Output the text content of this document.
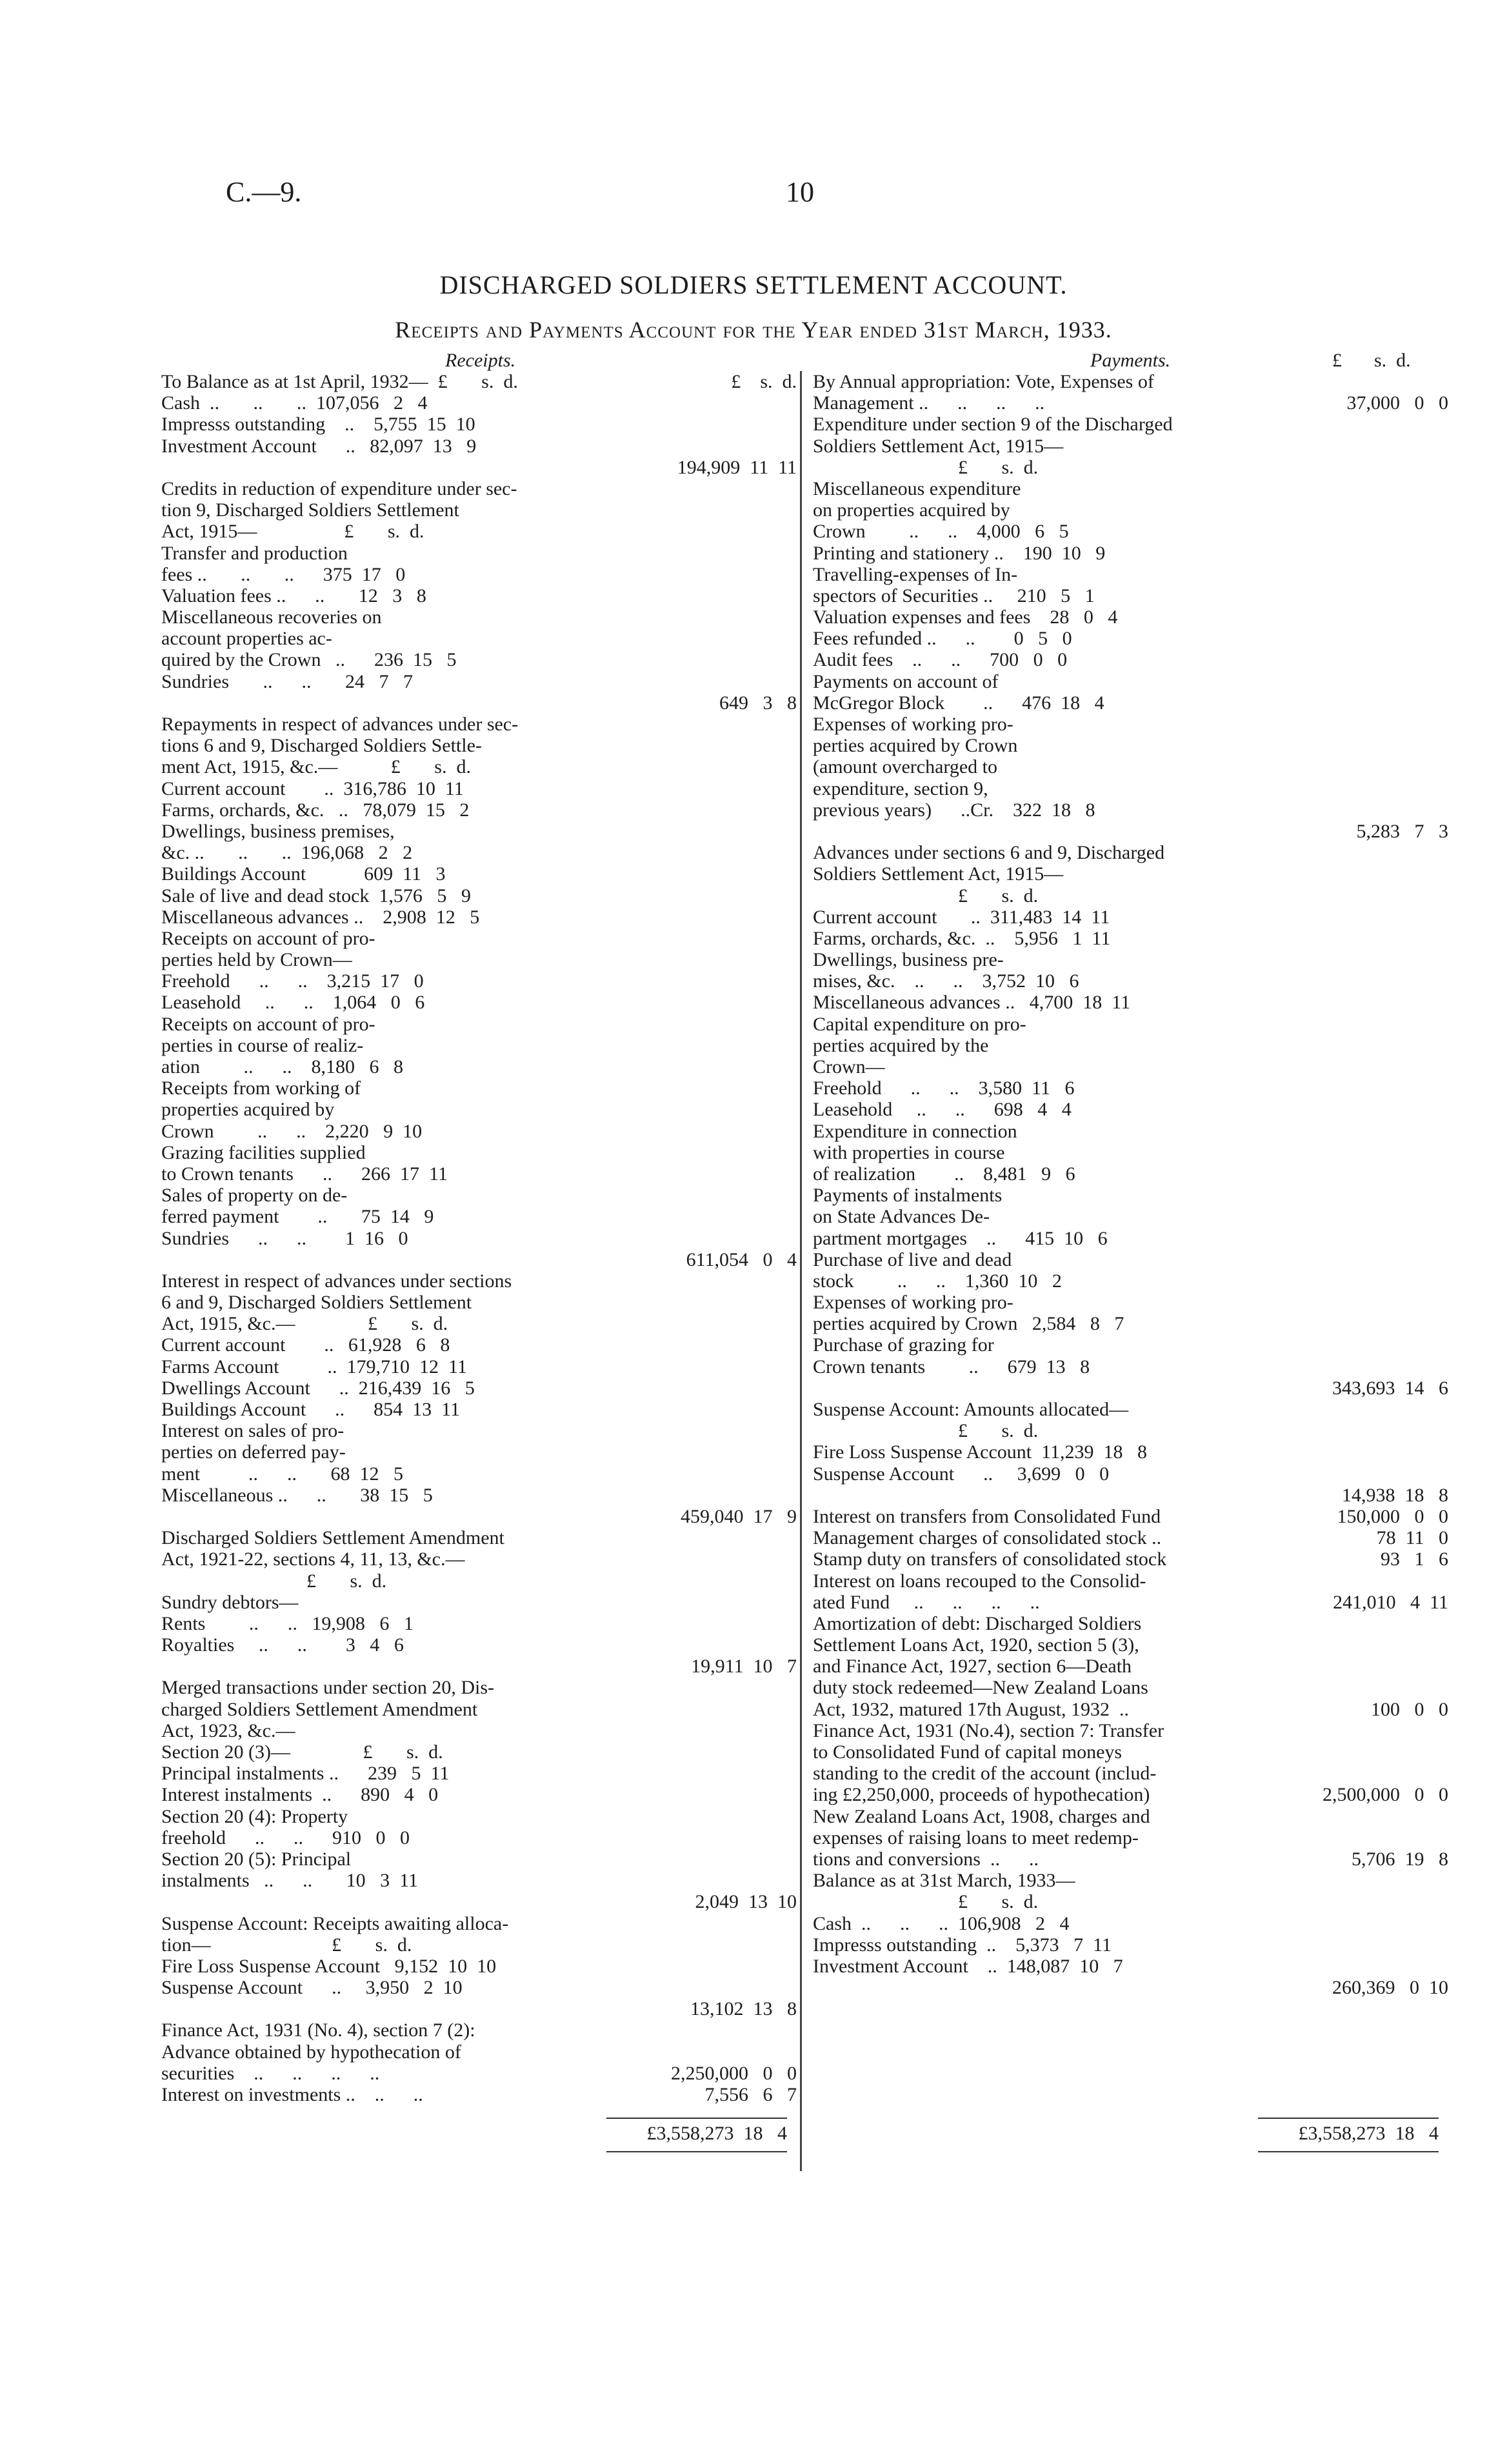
C.—9.	10
DISCHARGED SOLDIERS SETTLEMENT ACCOUNT.
Receipts and Payments Account for the Year ended 31st March, 1933.
Receipts.	Payments.	£ s.  d.
To Balance as at 1st April, 1932—  £       s.  d.	£    s.  d.
Cash  ..       ..       ..  107,056   2   4
Impresss outstanding    ..    5,755  15  10
Investment Account      ..   82,097  13   9
194,909  11  11
Credits in reduction of expenditure under sec-
tion 9, Discharged Soldiers Settlement
Act, 1915—                  £       s.  d.
Transfer and production
fees ..       ..       ..      375  17   0
Valuation fees ..      ..       12   3   8
Miscellaneous recoveries on
account properties ac-
quired by the Crown   ..      236  15   5
Sundries       ..      ..       24   7   7
649   3   8
Repayments in respect of advances under sec-
tions 6 and 9, Discharged Soldiers Settle-
ment Act, 1915, &c.—           £       s.  d.
Current account        ..  316,786  10  11
Farms, orchards, &c.   ..   78,079  15   2
Dwellings, business premises,
&c. ..       ..       ..  196,068   2   2
Buildings Account            609  11   3
Sale of live and dead stock  1,576   5   9
Miscellaneous advances ..    2,908  12   5
Receipts on account of pro-
perties held by Crown—
Freehold      ..      ..    3,215  17   0
Leasehold     ..      ..    1,064   0   6
Receipts on account of pro-
perties in course of realiz-
ation         ..      ..    8,180   6   8
Receipts from working of
properties acquired by
Crown         ..      ..    2,220   9  10
Grazing facilities supplied
to Crown tenants      ..      266  17  11
Sales of property on de-
ferred payment        ..       75  14   9
Sundries      ..      ..        1  16   0
611,054   0   4
Interest in respect of advances under sections
6 and 9, Discharged Soldiers Settlement
Act, 1915, &c.—               £       s.  d.
Current account        ..   61,928   6   8
Farms Account          ..  179,710  12  11
Dwellings Account      ..  216,439  16   5
Buildings Account      ..      854  13  11
Interest on sales of pro-
perties on deferred pay-
ment          ..      ..       68  12   5
Miscellaneous ..      ..       38  15   5
459,040  17   9
Discharged Soldiers Settlement Amendment
Act, 1921-22, sections 4, 11, 13, &c.—
£       s.  d.
Sundry debtors—
Rents         ..      ..   19,908   6   1
Royalties     ..      ..        3   4   6
19,911  10   7
Merged transactions under section 20, Dis-
charged Soldiers Settlement Amendment
Act, 1923, &c.—
Section 20 (3)—               £       s.  d.
Principal instalments ..      239   5  11
Interest instalments  ..      890   4   0
Section 20 (4): Property
freehold      ..      ..      910   0   0
Section 20 (5): Principal
instalments   ..      ..       10   3  11
2,049  13  10
Suspense Account: Receipts awaiting alloca-
tion—                         £       s.  d.
Fire Loss Suspense Account   9,152  10  10
Suspense Account      ..     3,950   2  10
13,102  13   8
Finance Act, 1931 (No. 4), section 7 (2):
Advance obtained by hypothecation of
securities    ..      ..      ..      ..	2,250,000   0   0
Interest on investments ..    ..      ..	7,556   6   7
By Annual appropriation: Vote, Expenses of
Management ..      ..      ..      ..	37,000   0   0
Expenditure under section 9 of the Discharged
Soldiers Settlement Act, 1915—
£       s.  d.
Miscellaneous expenditure
on properties acquired by
Crown         ..      ..    4,000   6   5
Printing and stationery ..    190  10   9
Travelling-expenses of In-
spectors of Securities ..     210   5   1
Valuation expenses and fees    28   0   4
Fees refunded ..      ..        0   5   0
Audit fees    ..      ..      700   0   0
Payments on account of
McGregor Block        ..      476  18   4
Expenses of working pro-
perties acquired by Crown
(amount overcharged to
expenditure, section 9,
previous years)      ..Cr.    322  18   8
5,283   7   3
Advances under sections 6 and 9, Discharged
Soldiers Settlement Act, 1915—
£       s.  d.
Current account       ..  311,483  14  11
Farms, orchards, &c.  ..    5,956   1  11
Dwellings, business pre-
mises, &c.    ..      ..    3,752  10   6
Miscellaneous advances ..   4,700  18  11
Capital expenditure on pro-
perties acquired by the
Crown—
Freehold      ..      ..    3,580  11   6
Leasehold     ..      ..      698   4   4
Expenditure in connection
with properties in course
of realization        ..    8,481   9   6
Payments of instalments
on State Advances De-
partment mortgages    ..      415  10   6
Purchase of live and dead
stock         ..      ..    1,360  10   2
Expenses of working pro-
perties acquired by Crown   2,584   8   7
Purchase of grazing for
Crown tenants         ..      679  13   8
343,693  14   6
Suspense Account: Amounts allocated—
£       s.  d.
Fire Loss Suspense Account  11,239  18   8
Suspense Account      ..     3,699   0   0
14,938  18   8
Interest on transfers from Consolidated Fund	150,000   0   0
Management charges of consolidated stock ..	78  11   0
Stamp duty on transfers of consolidated stock	93   1   6
Interest on loans recouped to the Consolid-
ated Fund     ..      ..      ..      ..	241,010   4  11
Amortization of debt: Discharged Soldiers
Settlement Loans Act, 1920, section 5 (3),
and Finance Act, 1927, section 6—Death
duty stock redeemed—New Zealand Loans
Act, 1932, matured 17th August, 1932  ..	100   0   0
Finance Act, 1931 (No.4), section 7: Transfer
to Consolidated Fund of capital moneys
standing to the credit of the account (includ-
ing £2,250,000, proceeds of hypothecation)	2,500,000   0   0
New Zealand Loans Act, 1908, charges and
expenses of raising loans to meet redemp-
tions and conversions  ..      ..	5,706  19   8
Balance as at 31st March, 1933—
£       s.  d.
Cash  ..      ..      ..  106,908   2   4
Impresss outstanding  ..    5,373   7  11
Investment Account    ..  148,087  10   7
260,369   0  10
£3,558,273  18   4	£3,558,273  18   4
